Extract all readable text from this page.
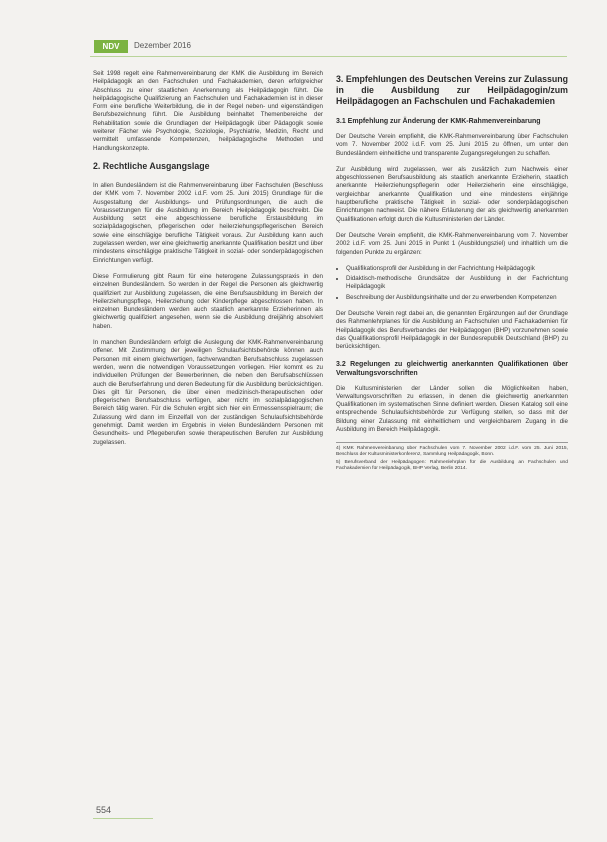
NDV	Dezember 2016

Seit 1998 regelt eine Rahmenvereinbarung der KMK die Ausbildung im Bereich Heilpädagogik an den Fachschulen und Fachakademien, deren erfolgreicher Abschluss zu einer staatlichen Anerkennung als Heilpädagogin führt. Die heilpädagogische Qualifizierung an Fachschulen und Fachakademien ist in dieser Form eine berufliche Weiterbildung, die in der Regel neben- und eigenständigen Berufsbezeichnung führt. Die Ausbildung beinhaltet Themenbereiche der Rehabilitation sowie die Grundlagen der Heilpädagogik über Pädagogik sowie weiterer Fächer wie Psychologie, Soziologie, Psychiatrie, Medizin, Recht und vermittelt umfassende Kompetenzen, heilpädagogische Methoden und Handlungskonzepte.

2. Rechtliche Ausgangslage

In allen Bundesländern ist die Rahmenvereinbarung über Fachschulen (Beschluss der KMK vom 7. November 2002 i.d.F. vom 25. Juni 2015) Grundlage für die Ausgestaltung der Ausbildungs- und Prüfungsordnungen, die auch die Voraussetzungen für die Ausbildung im Bereich Heilpädagogik beschreibt. Die Ausbildung setzt eine abgeschlossene berufliche Erstausbildung im sozialpädagogischen, pflegerischen oder heilerziehungspflegerischen Bereich sowie eine einschlägige berufliche Tätigkeit voraus. Zur Ausbildung kann auch zugelassen werden, wer eine gleichwertig anerkannte Qualifikation besitzt und über mindestens einschlägige praktische Tätigkeit in sozial- oder sonderpädagogischen Einrichtungen verfügt.

Diese Formulierung gibt Raum für eine heterogene Zulassungspraxis in den einzelnen Bundesländern. So werden in der Regel die Personen als gleichwertig qualifiziert zur Ausbildung zugelassen, die eine Berufsausbildung im Bereich der Heilerziehungspflege, Heilerziehung oder Kinderpflege abgeschlossen haben. In einzelnen Bundesländern werden auch staatlich anerkannte Erzieherinnen als gleichwertig qualifiziert angesehen, wenn sie die Ausbildung dreijährig absolviert haben.

In manchen Bundesländern erfolgt die Auslegung der KMK-Rahmenvereinbarung offener. Mit Zustimmung der jeweiligen Schulaufsichtsbehörde können auch Personen mit einem gleichwertigen, fachverwandten Berufsabschluss zugelassen werden, wenn die notwendigen Voraussetzungen vorliegen. Hier kommt es zu individuellen Prüfungen der Bewerberinnen, die neben den Berufsabschlüssen auch die Berufserfahrung und deren Bedeutung für die Ausbildung berücksichtigen. Dies gilt für Personen, die über einen medizinisch-therapeutischen oder pflegerischen Berufsabschluss verfügen, aber nicht im sozialpädagogischen Bereich tätig waren. Für die Schulen ergibt sich hier ein Ermessensspielraum; die Zulassung wird dann im Einzelfall von der zuständigen Schulaufsichtsbehörde genehmigt. Damit werden im Ergebnis in vielen Bundesländern Personen mit Gesundheits- und Pflegeberufen sowie therapeutischen Berufen zur Ausbildung zugelassen.

3. Empfehlungen des Deutschen Vereins zur Zulassung in die Ausbildung zur Heilpädagogin/zum Heilpädagogen an Fachschulen und Fachakademien
3.1 Empfehlung zur Änderung der KMK-Rahmenvereinbarung

Der Deutsche Verein empfiehlt, die KMK-Rahmenvereinbarung über Fachschulen vom 7. November 2002 i.d.F. vom 25. Juni 2015 zu öffnen, um unter den Bundesländern einheitliche und transparente Zugangsregelungen zu schaffen.

Zur Ausbildung wird zugelassen, wer als zusätzlich zum Nachweis einer abgeschlossenen Berufsausbildung als staatlich anerkannte Erzieherin, staatlich anerkannte Heilerziehungspflegerin oder Heilerzieherin eine einschlägige, vergleichbar anerkannte Qualifikation und eine mindestens einjährige hauptberufliche praktische Tätigkeit in sozial- oder sonderpädagogischen Einrichtungen nachweist. Die nähere Erläuterung der als gleichwertig anerkannten Qualifikationen erfolgt durch die Kultusministerien der Länder.

Der Deutsche Verein empfiehlt, die KMK-Rahmenvereinbarung vom 7. November 2002 i.d.F. vom 25. Juni 2015 in Punkt 1 (Ausbildungsziel) und inhaltlich um die folgenden Punkte zu ergänzen:

• Qualifikationsprofil der Ausbildung in der Fachrichtung Heilpädagogik
• Didaktisch-methodische Grundsätze der Ausbildung in der Fachrichtung Heilpädagogik
• Beschreibung der Ausbildungsinhalte und der zu erwerbenden Kompetenzen

Der Deutsche Verein regt dabei an, die genannten Ergänzungen auf der Grundlage des Rahmenlehrplanes für die Ausbildung an Fachschulen und Fachakademien für Heilpädagogik des Berufsverbandes der Heilpädagogen (BHP) vorzunehmen sowie das Qualifikationsprofil Heilpädagogik in der Bundesrepublik Deutschland (BHP) zu berücksichtigen.

3.2 Regelungen zu gleichwertig anerkannten Qualifikationen über Verwaltungsvorschriften

Die Kultusministerien der Länder sollen die Möglichkeiten haben, Verwaltungsvorschriften zu erlassen, in denen die gleichwertig anerkannten Qualifikationen im systematischen Sinne definiert werden. Diesen Katalog soll eine entsprechende Schulaufsichtsbehörde zur Verfügung stellen, so dass mit der Bildung einer Zulassung mit einheitlichem und vergleichbarem Zugang in die Ausbildung im Bereich Heilpädagogik.

4) KMK Rahmenvereinbarung über Fachschulen vom 7. November 2002 i.d.F. vom 25. Juni 2015, Beschluss der Kultusministerkonferenz, Sammlung Heilpädagogik, Bonn.
5) Berufsverband der Heilpädagogen: Rahmenlehrplan für die Ausbildung an Fachschulen und Fachakademien für Heilpädagogik, BHP Verlag, Berlin 2014.
554
